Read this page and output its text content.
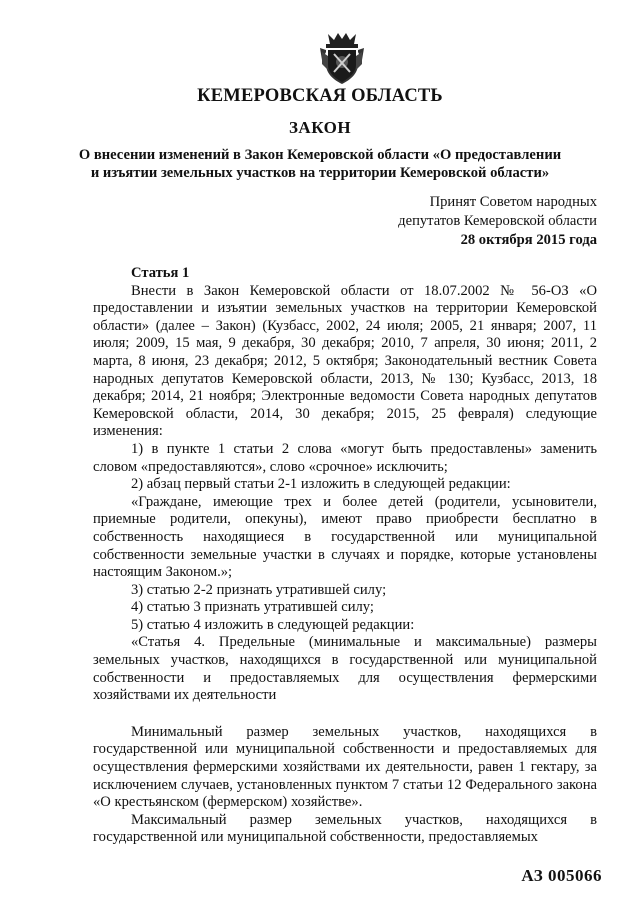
КЕМЕРОВСКАЯ ОБЛАСТЬ
ЗАКОН
О внесении изменений в Закон Кемеровской области «О предоставлении
и изъятии земельных участков на территории Кемеровской области»
Принят Советом народных
депутатов Кемеровской области
28 октября 2015 года

Статья 1

Внести в Закон Кемеровской области от 18.07.2002 № 56-ОЗ «О предоставлении и изъятии земельных участков на территории Кемеровской области» (далее – Закон) (Кузбасс, 2002, 24 июля; 2005, 21 января; 2007, 11 июля; 2009, 15 мая, 9 декабря, 30 декабря; 2010, 7 апреля, 30 июня; 2011, 2 марта, 8 июня, 23 декабря; 2012, 5 октября; Законодательный вестник Совета народных депутатов Кемеровской области, 2013, № 130; Кузбасс, 2013, 18 декабря; 2014, 21 ноября; Электронные ведомости Совета народных депутатов Кемеровской области, 2014, 30 декабря; 2015, 25 февраля) следующие изменения:

1) в пункте 1 статьи 2 слова «могут быть предоставлены» заменить словом «предоставляются», слово «срочное» исключить;

2) абзац первый статьи 2-1 изложить в следующей редакции:

«Граждане, имеющие трех и более детей (родители, усыновители, приемные родители, опекуны), имеют право приобрести бесплатно в собственность находящиеся в государственной или муниципальной собственности земельные участки в случаях и порядке, которые установлены настоящим Законом.»;

3) статью 2-2 признать утратившей силу;

4) статью 3 признать утратившей силу;

5) статью 4 изложить в следующей редакции:

«Статья 4. Предельные (минимальные и максимальные) размеры земельных участков, находящихся в государственной или муниципальной собственности и предоставляемых для осуществления фермерскими хозяйствами их деятельности

Минимальный размер земельных участков, находящихся в государственной или муниципальной собственности и предоставляемых для осуществления фермерскими хозяйствами их деятельности, равен 1 гектару, за исключением случаев, установленных пунктом 7 статьи 12 Федерального закона «О крестьянском (фермерском) хозяйстве».

Максимальный размер земельных участков, находящихся в государственной или муниципальной собственности, предоставляемых

АЗ 005066
